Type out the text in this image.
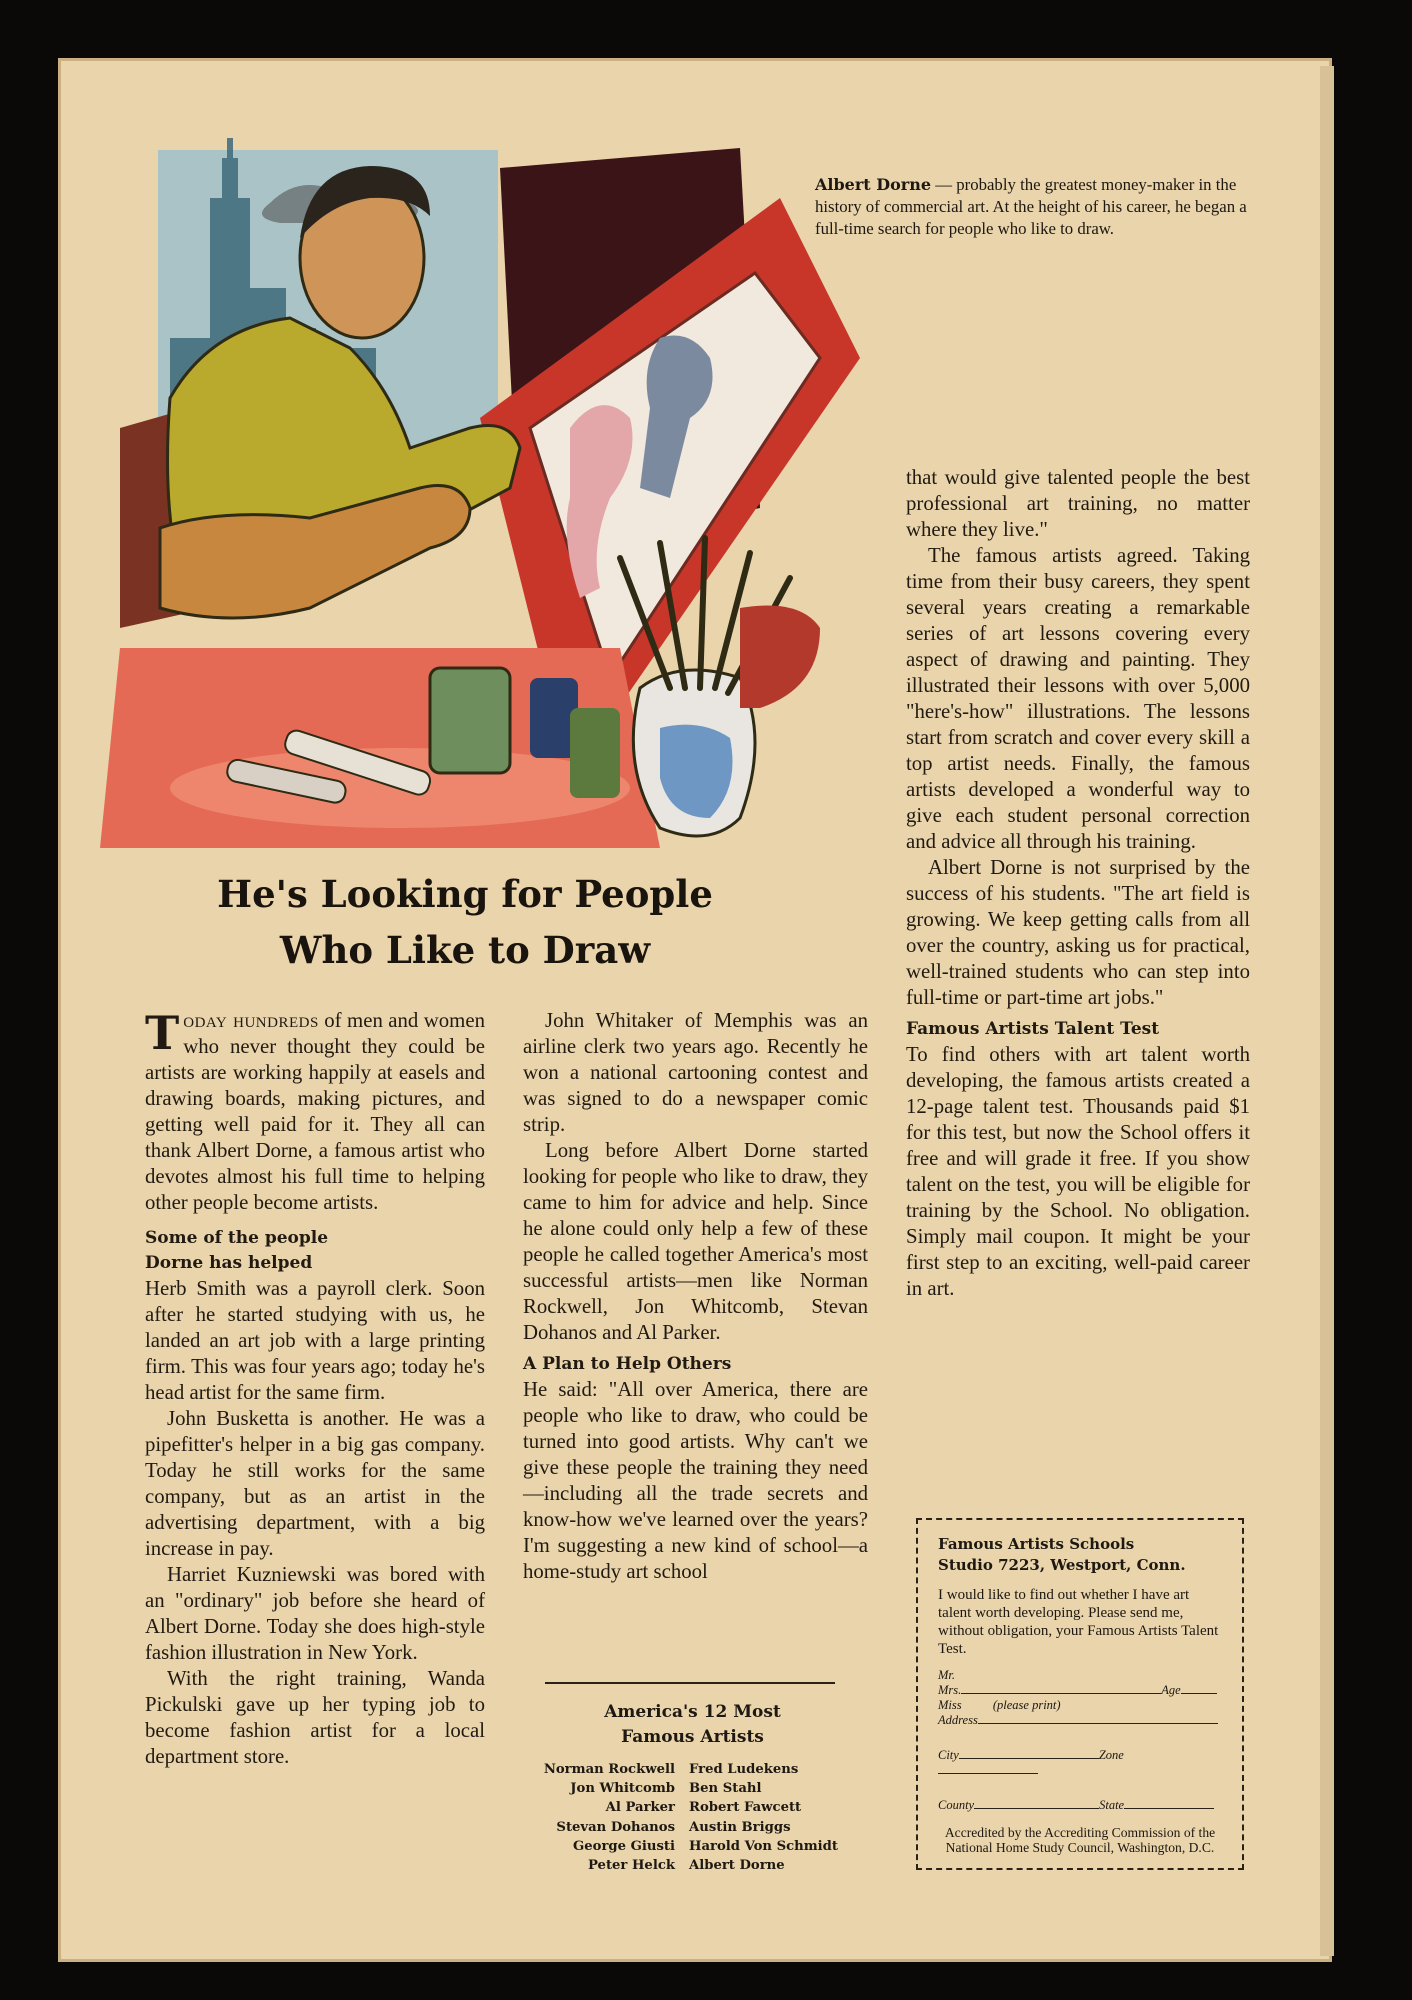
Albert Dorne — probably the greatest money-maker in the history of commercial art. At the height of his career, he began a full-time search for people who like to draw.
He's Looking for People
Who Like to Draw

Today hundreds of men and women who never thought they could be artists are working happily at easels and drawing boards, making pictures, and getting well paid for it. They all can thank Albert Dorne, a famous artist who devotes almost his full time to helping other people become artists.

Some of the people
Dorne has helped

Herb Smith was a payroll clerk. Soon after he started studying with us, he landed an art job with a large printing firm. This was four years ago; today he's head artist for the same firm.

John Busketta is another. He was a pipefitter's helper in a big gas company. Today he still works for the same company, but as an artist in the advertising department, with a big increase in pay.

Harriet Kuzniewski was bored with an "ordinary" job before she heard of Albert Dorne. Today she does high-style fashion illustration in New York.

With the right training, Wanda Pickulski gave up her typing job to become fashion artist for a local department store.

John Whitaker of Memphis was an airline clerk two years ago. Recently he won a national cartooning contest and was signed to do a newspaper comic strip.

Long before Albert Dorne started looking for people who like to draw, they came to him for advice and help. Since he alone could only help a few of these people he called together America's most successful artists—men like Norman Rockwell, Jon Whitcomb, Stevan Dohanos and Al Parker.

A Plan to Help Others

He said: "All over America, there are people who like to draw, who could be turned into good artists. Why can't we give these people the training they need—including all the trade secrets and know-how we've learned over the years? I'm suggesting a new kind of school—a home-study art school

that would give talented people the best professional art training, no matter where they live."

The famous artists agreed. Taking time from their busy careers, they spent several years creating a remarkable series of art lessons covering every aspect of drawing and painting. They illustrated their lessons with over 5,000 "here's-how" illustrations. The lessons start from scratch and cover every skill a top artist needs. Finally, the famous artists developed a wonderful way to give each student personal correction and advice all through his training.

Albert Dorne is not surprised by the success of his students. "The art field is growing. We keep getting calls from all over the country, asking us for practical, well-trained students who can step into full-time or part-time art jobs."

Famous Artists Talent Test

To find others with art talent worth developing, the famous artists created a 12-page talent test. Thousands paid $1 for this test, but now the School offers it free and will grade it free. If you show talent on the test, you will be eligible for training by the School. No obligation. Simply mail coupon. It might be your first step to an exciting, well-paid career in art.

America's 12 Most
Famous Artists
Norman Rockwell	Fred Ludekens
Jon Whitcomb	Ben Stahl
Al Parker	Robert Fawcett
Stevan Dohanos	Austin Briggs
George Giusti	Harold Von Schmidt
Peter Helck	Albert Dorne
Famous Artists Schools
Studio 7223, Westport, Conn.
I would like to find out whether I have art talent worth developing. Please send me, without obligation, your Famous Artists Talent Test.
Mr.
Mrs.	Age
Miss	(please print)
Address
City	Zone
County	State
Accredited by the Accrediting Commission of the National Home Study Council, Washington, D.C.
